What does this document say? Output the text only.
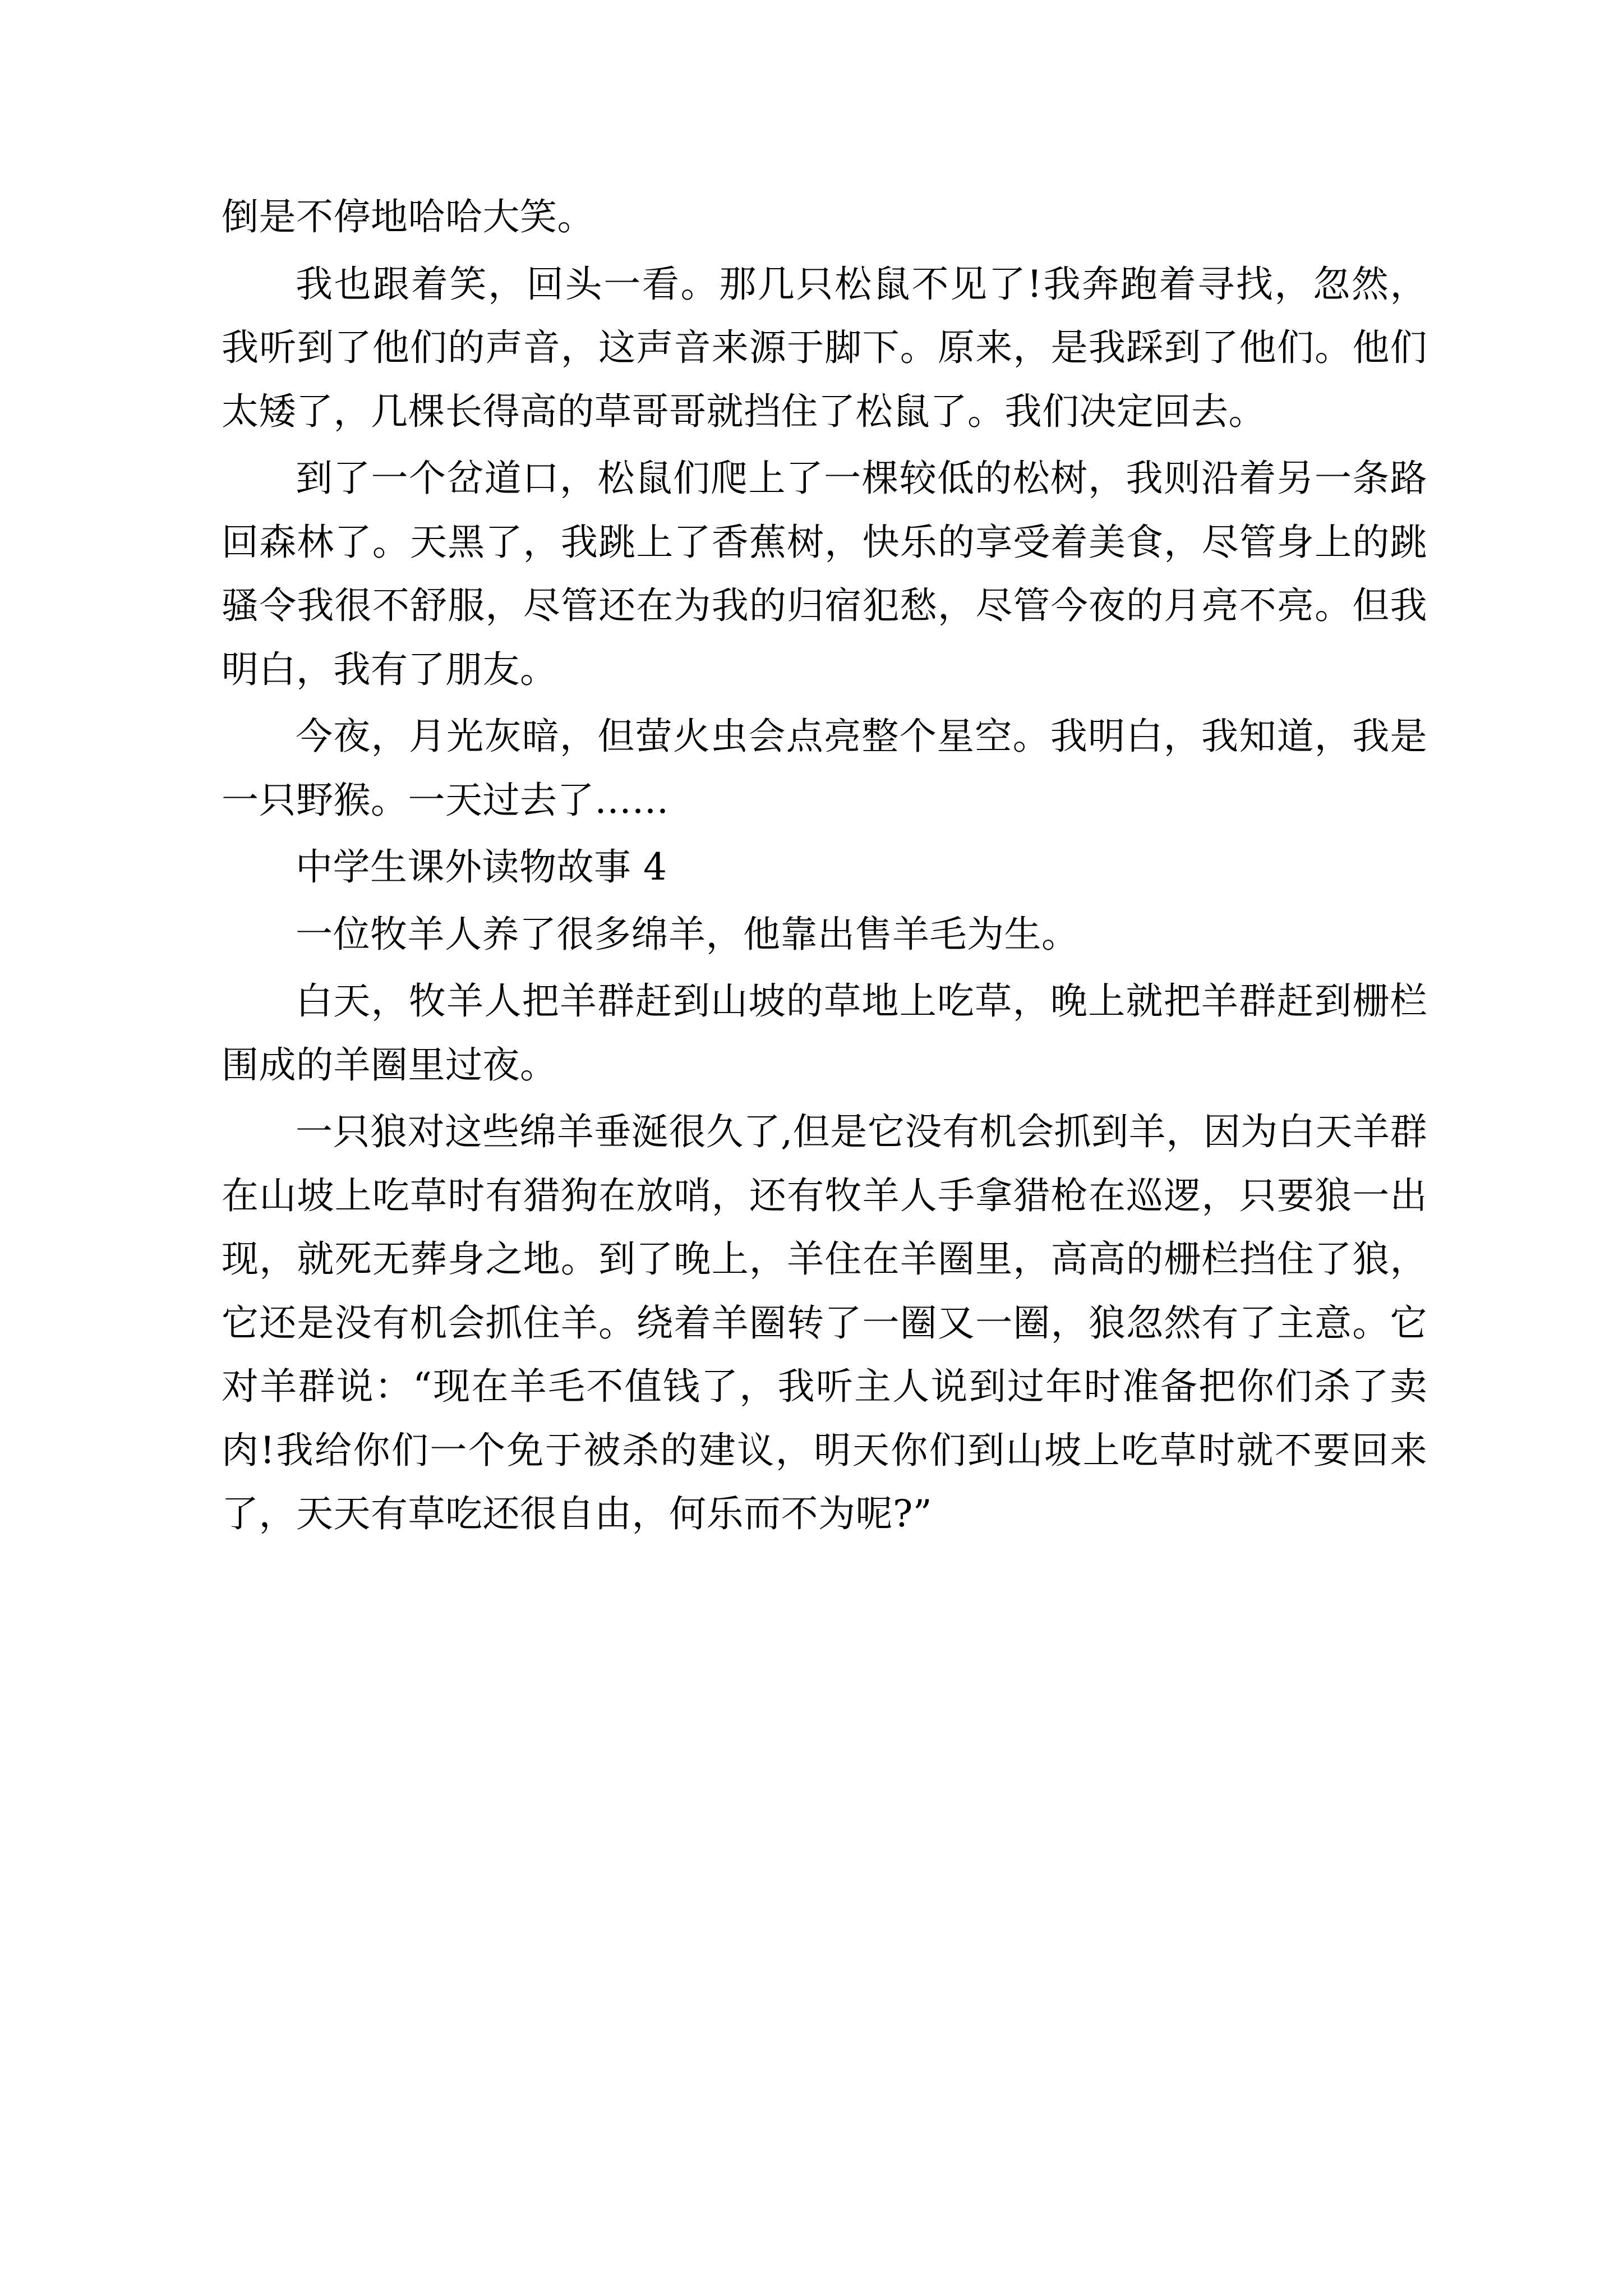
倒是不停地哈哈大笑。

我也跟着笑，回头一看。那几只松鼠不见了!我奔跑着寻找，忽然，我听到了他们的声音，这声音来源于脚下。原来，是我踩到了他们。他们太矮了，几棵长得高的草哥哥就挡住了松鼠了。我们决定回去。

到了一个岔道口，松鼠们爬上了一棵较低的松树，我则沿着另一条路回森林了。天黑了，我跳上了香蕉树，快乐的享受着美食，尽管身上的跳骚令我很不舒服，尽管还在为我的归宿犯愁，尽管今夜的月亮不亮。但我明白，我有了朋友。

今夜，月光灰暗，但萤火虫会点亮整个星空。我明白，我知道，我是一只野猴。一天过去了……

中学生课外读物故事 4

一位牧羊人养了很多绵羊，他靠出售羊毛为生。

白天，牧羊人把羊群赶到山坡的草地上吃草，晚上就把羊群赶到栅栏围成的羊圈里过夜。

一只狼对这些绵羊垂涎很久了,但是它没有机会抓到羊，因为白天羊群在山坡上吃草时有猎狗在放哨，还有牧羊人手拿猎枪在巡逻，只要狼一出现，就死无葬身之地。到了晚上，羊住在羊圈里，高高的栅栏挡住了狼，它还是没有机会抓住羊。绕着羊圈转了一圈又一圈，狼忽然有了主意。它对羊群说：“现在羊毛不值钱了，我听主人说到过年时准备把你们杀了卖肉!我给你们一个免于被杀的建议，明天你们到山坡上吃草时就不要回来了，天天有草吃还很自由，何乐而不为呢?”
